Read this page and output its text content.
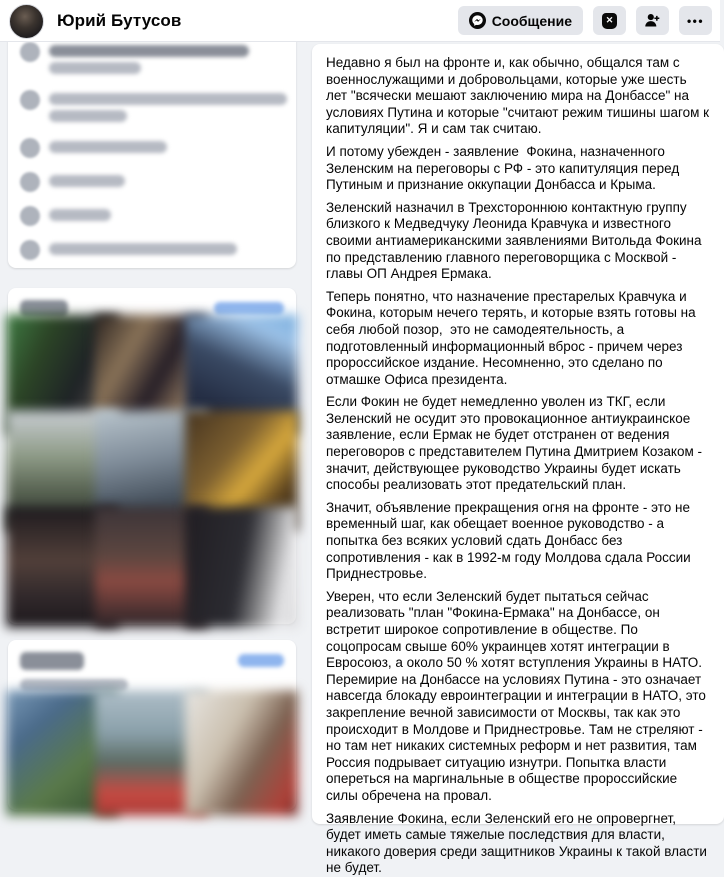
Юрий Бутусов	Сообщение	✕	•••

Недавно я был на фронте и, как обычно, общался там с военнослужащими и добровольцами, которые уже шесть лет "всячески мешают заключению мира на Донбассе" на условиях Путина и которые "считают режим тишины шагом к капитуляции". Я и сам так считаю.

И потому убежден - заявление  Фокина, назначенного Зеленским на переговоры с РФ - это капитуляция перед Путиным и признание оккупации Донбасса и Крыма.

Зеленский назначил в Трехстороннюю контактную группу близкого к Медведчуку Леонида Кравчука и известного своими антиамериканскими заявлениями Витольда Фокина по представлению главного переговорщика с Москвой - главы ОП Андрея Ермака.

Теперь понятно, что назначение престарелых Кравчука и Фокина, которым нечего терять, и которые взять готовы на себя любой позор,  это не самодеятельность, а подготовленный информационный вброс - причем через пророссийское издание. Несомненно, это сделано по отмашке Офиса президента.

Если Фокин не будет немедленно уволен из ТКГ, если Зеленский не осудит это провокационное антиукраинское заявление, если Ермак не будет отстранен от ведения переговоров с представителем Путина Дмитрием Козаком - значит, действующее руководство Украины будет искать способы реализовать этот предательский план.

Значит, объявление прекращения огня на фронте - это не временный шаг, как обещает военное руководство - а попытка без всяких условий сдать Донбасс без сопротивления - как в 1992-м году Молдова сдала России Приднестровье.

Уверен, что если Зеленский будет пытаться сейчас реализовать "план "Фокина-Ермака" на Донбассе, он встретит широкое сопротивление в обществе. По соцопросам свыше 60% украинцев хотят интеграции в Евросоюз, а около 50 % хотят вступления Украины в НАТО. Перемирие на Донбассе на условиях Путина - это означает навсегда блокаду евроинтеграции и интеграции в НАТО, это закрепление вечной зависимости от Москвы, так как это происходит в Молдове и Приднестровье. Там не стреляют - но там нет никаких системных реформ и нет развития, там Россия подрывает ситуацию изнутри. Попытка власти опереться на маргинальные в обществе пророссийские силы обречена на провал.

Заявление Фокина, если Зеленский его не опровергнет, будет иметь самые тяжелые последствия для власти, никакого доверия среди защитников Украины к такой власти не будет.
